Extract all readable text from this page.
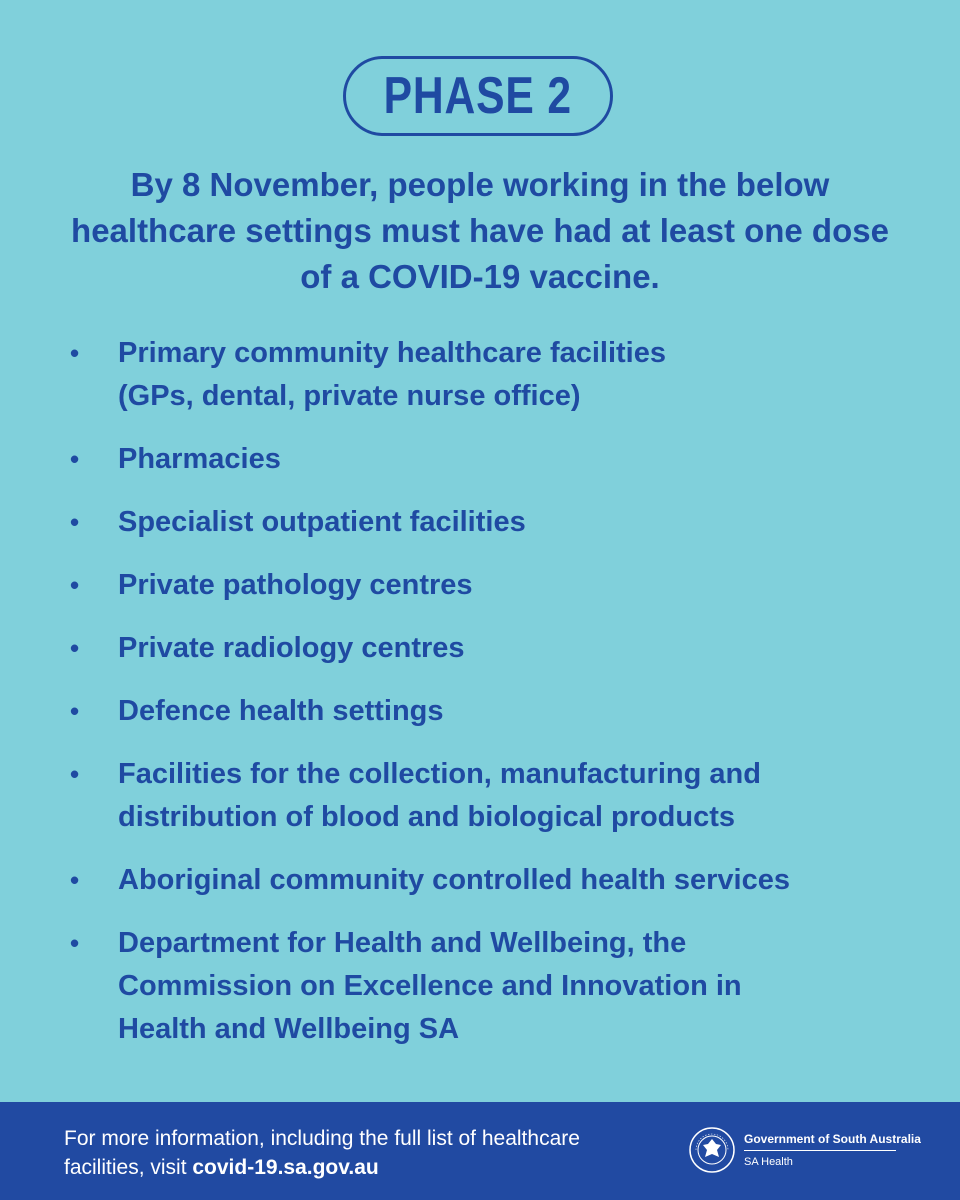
PHASE 2
By 8 November, people working in the below healthcare settings must have had at least one dose of a COVID-19 vaccine.
•	Primary community healthcare facilities (GPs, dental, private nurse office)
•	Pharmacies
•	Specialist outpatient facilities
•	Private pathology centres
•	Private radiology centres
•	Defence health settings
•	Facilities for the collection, manufacturing and distribution of blood and biological products
•	Aboriginal community controlled health services
•	Department for Health and Wellbeing, the Commission on Excellence and Innovation in Health and Wellbeing SA
For more information, including the full list of healthcare facilities, visit covid-19.sa.gov.au
Government of South Australia
SA Health
